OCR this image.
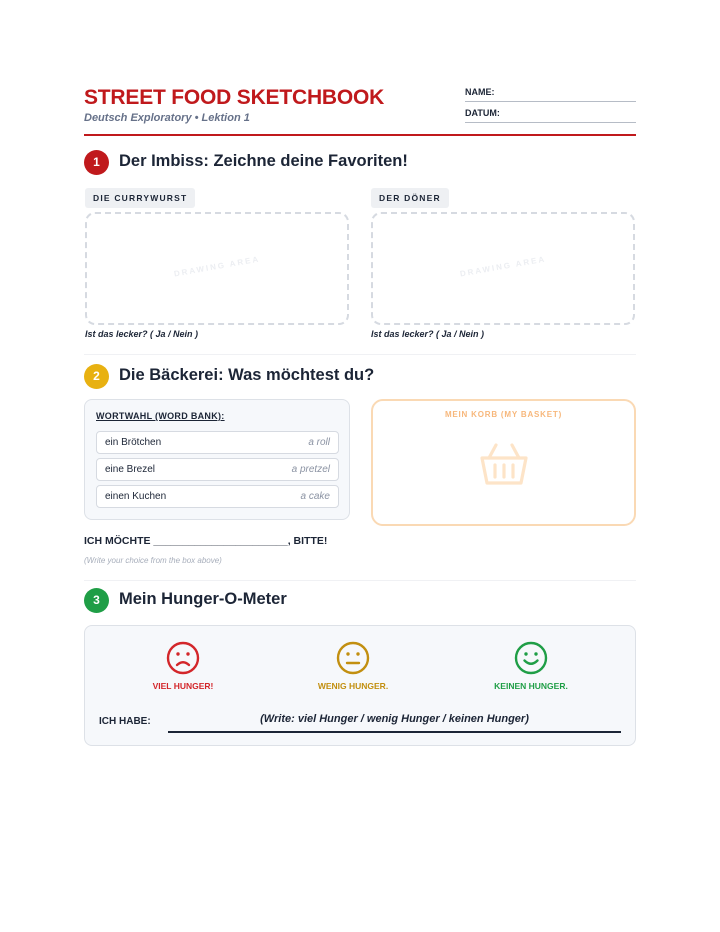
STREET FOOD SKETCHBOOK
Deutsch Exploratory • Lektion 1
NAME:
DATUM:
1	Der Imbiss: Zeichne deine Favoriten!
DIE CURRYWURST
DRAWING AREA
Ist das lecker? ( Ja / Nein )
DER DÖNER
DRAWING AREA
Ist das lecker? ( Ja / Nein )
2	Die Bäckerei: Was möchtest du?
WORTWAHL (WORD BANK):
ein Brötchen	a roll
eine Brezel	a pretzel
einen Kuchen	a cake
MEIN KORB (MY BASKET)
ICH MÖCHTE _______________________, BITTE!
(Write your choice from the box above)
3	Mein Hunger-O-Meter
VIEL HUNGER!	WENIG HUNGER.	KEINEN HUNGER.
ICH HABE:	(Write: viel Hunger / wenig Hunger / keinen Hunger)
